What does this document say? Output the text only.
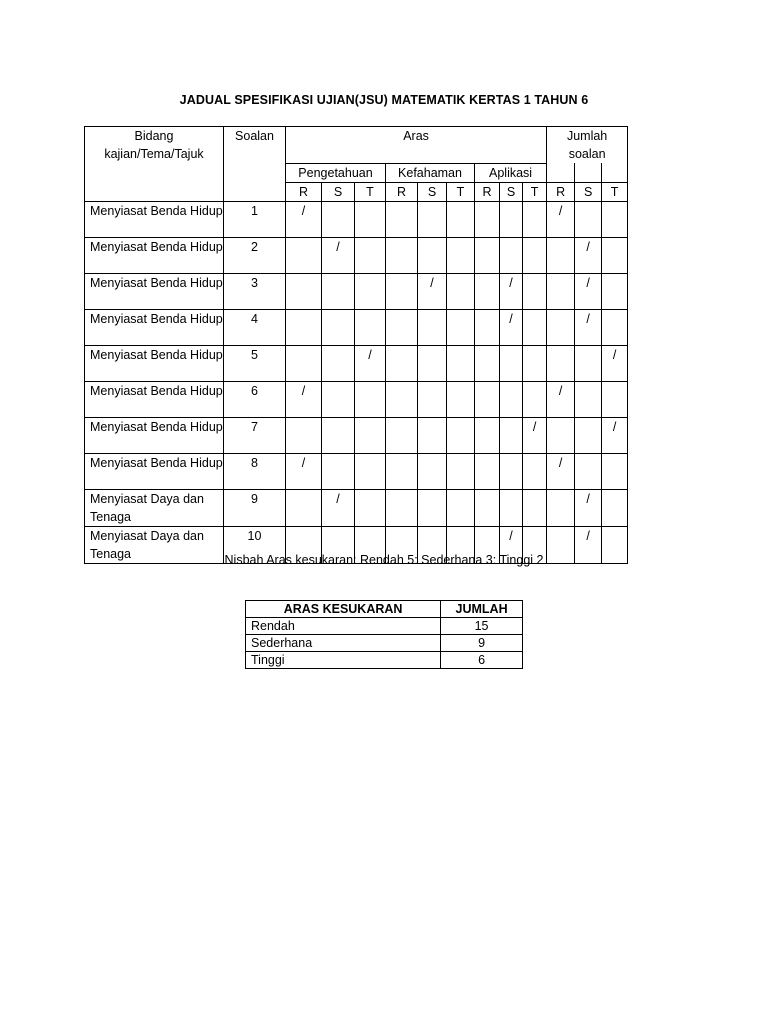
JADUAL SPESIFIKASI UJIAN(JSU) MATEMATIK KERTAS 1 TAHUN 6
Bidang kajian/Tema/Tajuk	Soalan	Aras									Jumlah soalan		
		Pengetahuan			Kefahaman			Aplikasi					
		R	S	T	R	S	T	R	S	T	R	S	T
Menyiasat Benda Hidup	1	/									/		
Menyiasat Benda Hidup	2		/									/	
Menyiasat Benda Hidup	3					/			/			/	
Menyiasat Benda Hidup	4								/			/	
Menyiasat Benda Hidup	5			/									/
Menyiasat Benda Hidup	6	/									/		
Menyiasat Benda Hidup	7									/			/
Menyiasat Benda Hidup	8	/									/		
Menyiasat Daya dan Tenaga	9		/									/	
Menyiasat Daya dan Tenaga	10								/			/	
Nisbah Aras kesukaran: Rendah 5: Sederhana 3: Tinggi 2
ARAS KESUKARAN	JUMLAH
Rendah	15
Sederhana	9
Tinggi	6
